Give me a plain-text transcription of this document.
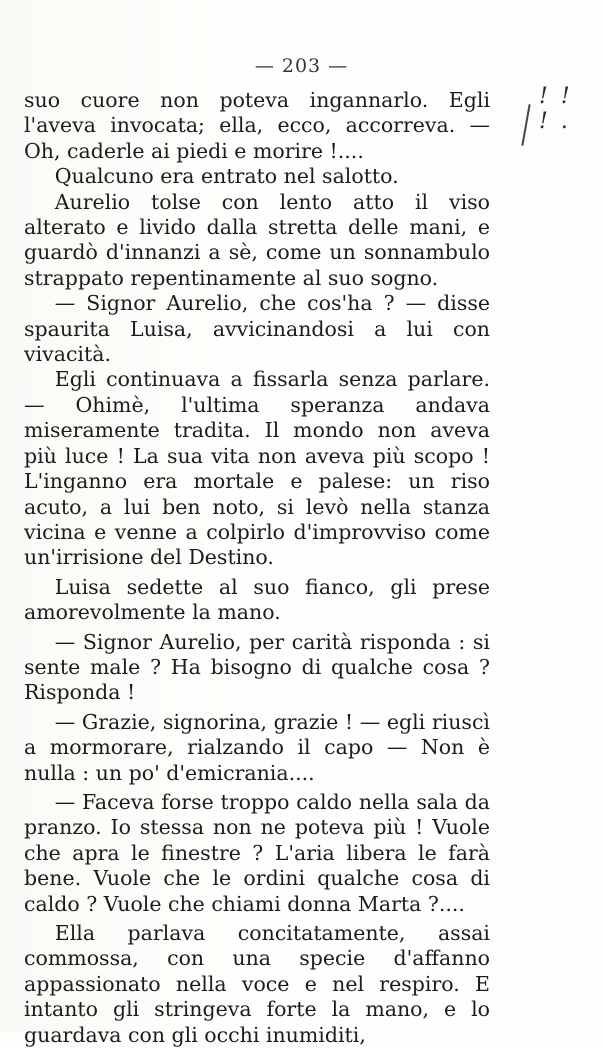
— 203 —
! ! ! .

suo cuore non poteva ingannarlo. Egli l'aveva invocata; ella, ecco, accorreva. — Oh, caderle ai piedi e morire !....

Qualcuno era entrato nel salotto.

Aurelio tolse con lento atto il viso alterato e livido dalla stretta delle mani, e guardò d'innanzi a sè, come un sonnambulo strappato repentinamente al suo sogno.

— Signor Aurelio, che cos'ha ? — disse spaurita Luisa, avvicinandosi a lui con vivacità.

Egli continuava a fissarla senza parlare. — Ohimè, l'ultima speranza andava miseramente tradita. Il mondo non aveva più luce ! La sua vita non aveva più scopo ! L'inganno era mortale e palese: un riso acuto, a lui ben noto, si levò nella stanza vicina e venne a colpirlo d'improvviso come un'irrisione del Destino.

Luisa sedette al suo fianco, gli prese amorevolmente la mano.

— Signor Aurelio, per carità risponda : si sente male ? Ha bisogno di qualche cosa ? Risponda !

— Grazie, signorina, grazie ! — egli riuscì a mormorare, rialzando il capo — Non è nulla : un po' d'emicrania....

— Faceva forse troppo caldo nella sala da pranzo. Io stessa non ne poteva più ! Vuole che apra le finestre ? L'aria libera le farà bene. Vuole che le ordini qualche cosa di caldo ? Vuole che chiami donna Marta ?....

Ella parlava concitatamente, assai commossa, con una specie d'affanno appassionato nella voce e nel respiro. E intanto gli stringeva forte la mano, e lo guardava con gli occhi inumiditi,
